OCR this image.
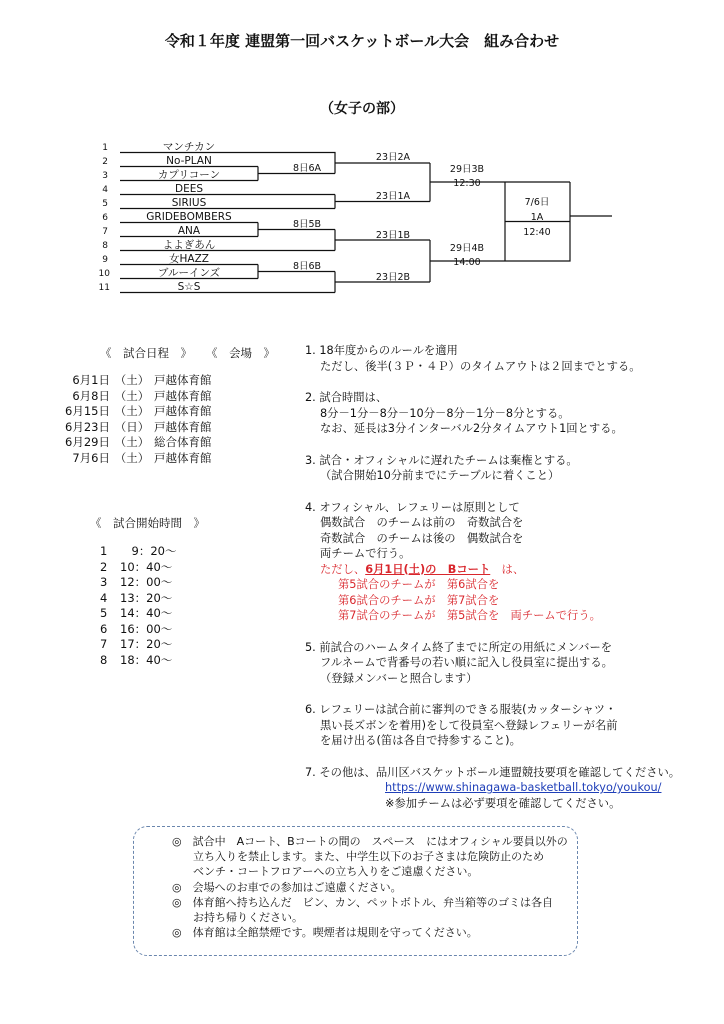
令和１年度 連盟第一回バスケットボール大会　組み合わせ
（女子の部）
1
2
3
4
5
6
7
8
9
10
11
マンチカン
No-PLAN
カプリコーン
DEES
SIRIUS
GRIDEBOMBERS
ANA
よよぎあん
女HAZZ
ブルーインズ
S☆S
8日6A
8日5B
8日6B
23日2A
23日1A
23日1B
23日2B
29日3B
12:30
29日4B
14:00
7/6日
1A
12:40
《　試合日程　》 《　会場　》
6月1日 （土） 戸越体育館
6月8日 （土） 戸越体育館
6月15日 （土） 戸越体育館
6月23日 （日） 戸越体育館
6月29日 （土） 総合体育館
7月6日 （土） 戸越体育館
《　試合開始時間　》
1　9：20～
2 10：40～
3 12：00～
4 13：20～
5 14：40～
6 16：00～
7 17：20～
8 18：40～
1. 18年度からのルールを適用
ただし、後半(３Ｐ・４Ｐ）のタイムアウトは２回までとする。
2. 試合時間は、
8分－1分－8分－10分－8分－1分－8分とする。
なお、延長は3分インターバル2分タイムアウト1回とする。
3. 試合・オフィシャルに遅れたチームは棄権とする。
（試合開始10分前までにテーブルに着くこと）
4. オフィシャル、レフェリーは原則として
偶数試合　のチームは前の　奇数試合を
奇数試合　のチームは後の　偶数試合を
両チームで行う。
ただし、6月1日(土)の　Bコート　は、
第5試合のチームが　第6試合を
第6試合のチームが　第7試合を
第7試合のチームが　第5試合を　両チームで行う。
5. 前試合のハームタイム終了までに所定の用紙にメンバーを
フルネームで背番号の若い順に記入し役員室に提出する。
（登録メンバーと照合します）
6. レフェリーは試合前に審判のできる服装(カッターシャツ・
黒い長ズボンを着用)をして役員室へ登録レフェリーが名前
を届け出る(笛は各自で持参すること)。
7. その他は、品川区バスケットボール連盟競技要項を確認してください。
https://www.shinagawa-basketball.tokyo/youkou/
※参加チームは必ず要項を確認してください。
◎　試合中　Aコート、Bコートの間の　スペース　にはオフィシャル要員以外の
立ち入りを禁止します。また、中学生以下のお子さまは危険防止のため
ベンチ・コートフロアーへの立ち入りをご遠慮ください。
◎　会場へのお車での参加はご遠慮ください。
◎　体育館へ持ち込んだ　ビン、カン、ペットボトル、弁当箱等のゴミは各自
お持ち帰りください。
◎　体育館は全館禁煙です。喫煙者は規則を守ってください。
